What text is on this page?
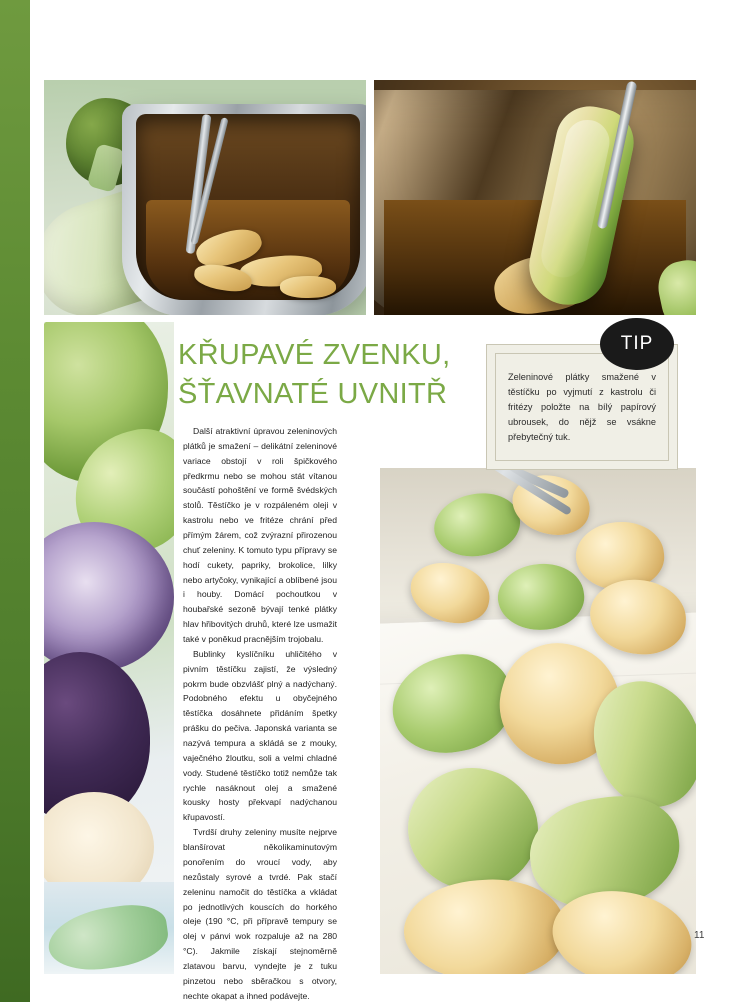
KŘUPAVÉ ZVENKU,
ŠŤAVNATÉ UVNITŘ
Zeleninové plátky smažené v těstíčku po vyjmutí z kastrolu či fritézy položte na bílý papírový ubrousek, do nějž se vsákne přebytečný tuk.
TIP

Další atraktivní úpravou zeleninových plátků je smažení – delikátní zeleninové variace obstojí v roli špičkového předkrmu nebo se mohou stát vítanou součástí pohoštění ve formě švédských stolů. Těstíčko je v rozpáleném oleji v kastrolu nebo ve fritéze chrání před přímým žárem, což zvýrazní přirozenou chuť zeleniny. K tomuto typu přípravy se hodí cukety, papriky, brokolice, lilky nebo artyčoky, vynikající a oblíbené jsou i houby. Domácí pochoutkou v houbařské sezoně bývají tenké plátky hlav hřibovitých druhů, které lze usmažit také v poněkud pracnějším trojobalu.

Bublinky kyslíčníku uhličitého v pivním těstíčku zajistí, že výsledný pokrm bude obzvlášť plný a nadýchaný. Podobného efektu u obyčejného těstíčka dosáhnete přidáním špetky prášku do pečiva. Japonská varianta se nazývá tempura a skládá se z mouky, vaječného žloutku, soli a velmi chladné vody. Studené těstíčko totiž nemůže tak rychle nasáknout olej a smažené kousky hosty překvapí nadýchanou křupavostí.

Tvrdší druhy zeleniny musíte nejprve blanšírovat několikaminutovým ponořením do vroucí vody, aby nezůstaly syrové a tvrdé. Pak stačí zeleninu namočit do těstíčka a vkládat po jednotlivých kouscích do horkého oleje (190 °C, při přípravě tempury se olej v pánvi wok rozpaluje až na 280 °C). Jakmile získají stejnoměrně zlatavou barvu, vyndejte je z tuku pinzetou nebo sběračkou s otvory, nechte okapat a ihned podávejte.

11
